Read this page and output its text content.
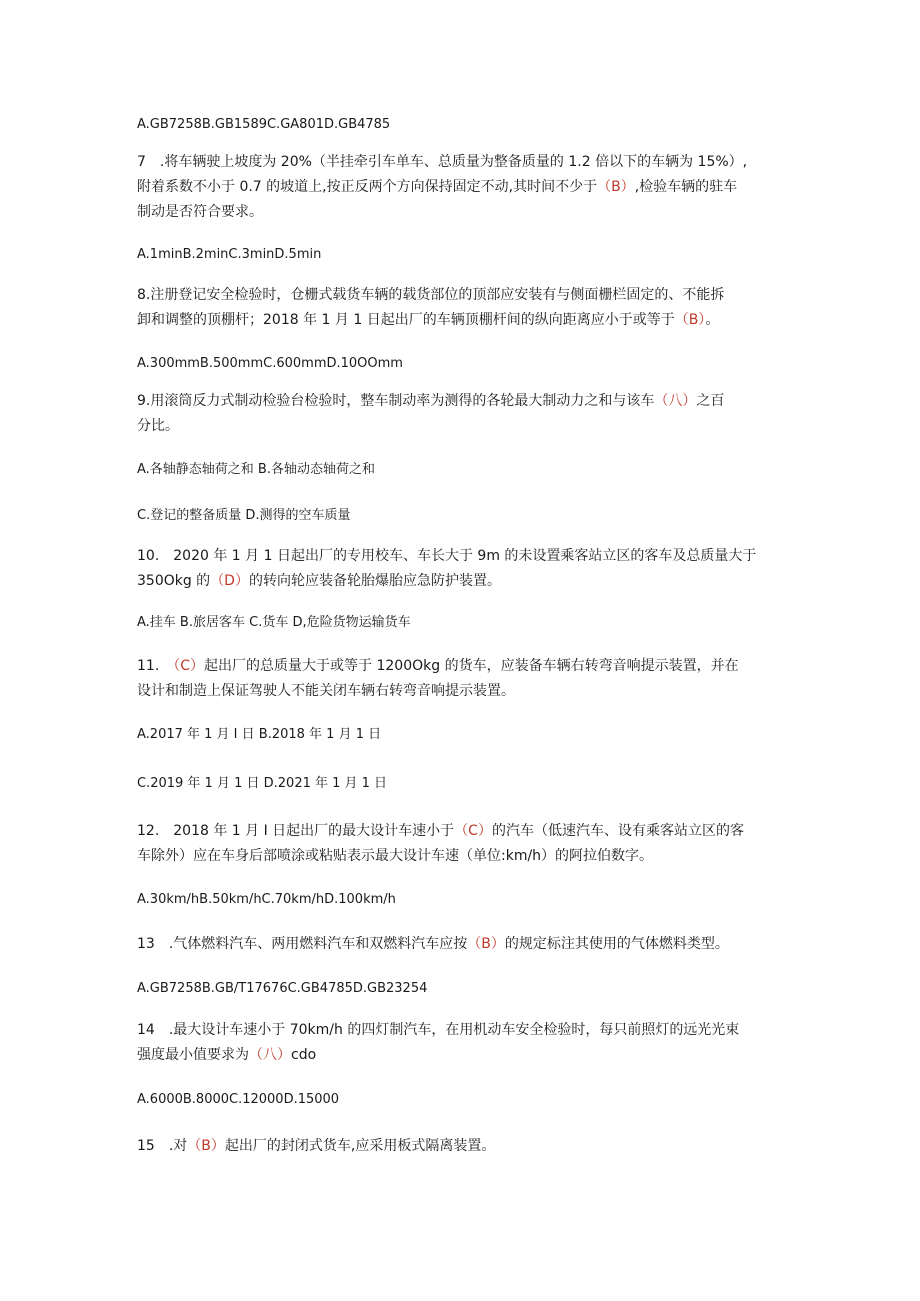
A.GB7258B.GB1589C.GA801D.GB4785
7　.将车辆驶上坡度为 20%（半挂牵引车单车、总质量为整备质量的 1.2 倍以下的车辆为 15%）,
附着系数不小于 0.7 的坡道上,按正反两个方向保持固定不动,其时间不少于（B）,检验车辆的驻车
制动是否符合要求。
A.1minB.2minC.3minD.5min
8.注册登记安全检验时，仓栅式载货车辆的载货部位的顶部应安装有与侧面栅栏固定的、不能拆
卸和调整的顶棚杆；2018 年 1 月 1 日起出厂的车辆顶棚杆间的纵向距离应小于或等于（B）。
A.300mmB.500mmC.600mmD.10OOmm
9.用滚筒反力式制动检验台检验时，整车制动率为测得的各轮最大制动力之和与该车（八）之百
分比。
A.各轴静态轴荷之和 B.各轴动态轴荷之和
C.登记的整备质量 D.测得的空车质量
10.　2020 年 1 月 1 日起出厂的专用校车、车长大于 9m 的未设置乘客站立区的客车及总质量大于
350Okg 的（D）的转向轮应装备轮胎爆胎应急防护装置。
A.挂车 B.旅居客车 C.货车 D,危险货物运输货车
11.　（C）起出厂的总质量大于或等于 1200Okg 的货车，应装备车辆右转弯音响提示装置，并在
设计和制造上保证驾驶人不能关闭车辆右转弯音响提示装置。
A.2017 年 1 月 I 日 B.2018 年 1 月 1 日
C.2019 年 1 月 1 日 D.2021 年 1 月 1 日
12.　2018 年 1 月 I 日起出厂的最大设计车速小于（C）的汽车（低速汽车、设有乘客站立区的客
车除外）应在车身后部喷涂或粘贴表示最大设计车速（单位:km/h）的阿拉伯数字。
A.30km/hB.50km/hC.70km/hD.100km/h
13　.气体燃料汽车、两用燃料汽车和双燃料汽车应按（B）的规定标注其使用的气体燃料类型。
A.GB7258B.GB/T17676C.GB4785D.GB23254
14　.最大设计车速小于 70km/h 的四灯制汽车，在用机动车安全检验时，每只前照灯的远光光束
强度最小值要求为（八）cdo
A.6000B.8000C.12000D.15000
15　.对（B）起出厂的封闭式货车,应采用板式隔离装置。
